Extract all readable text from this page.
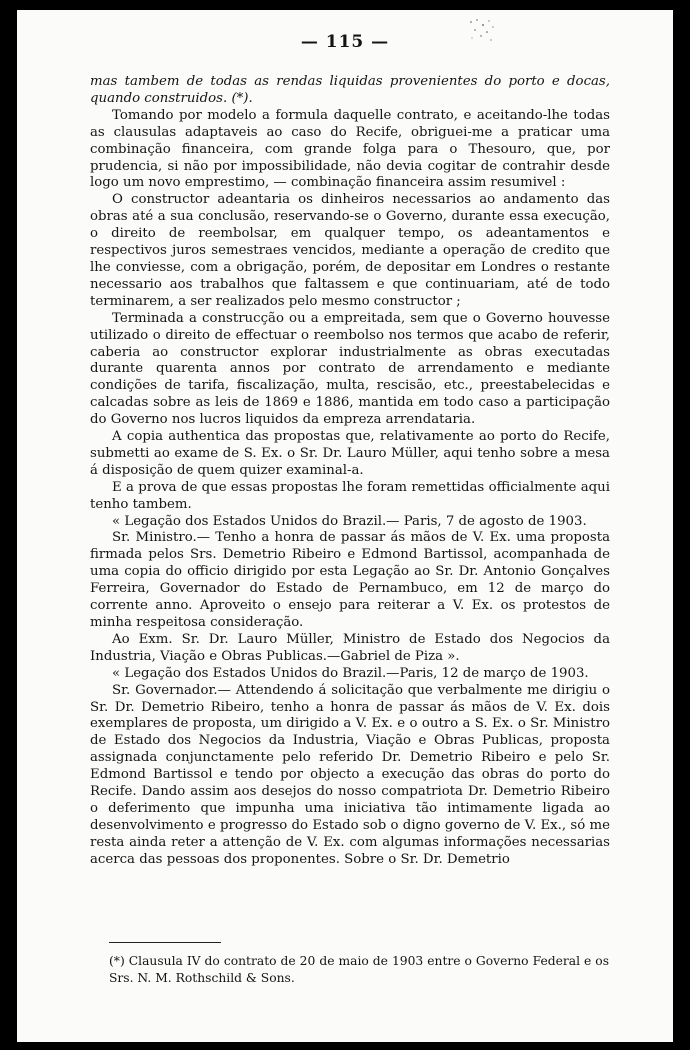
— 115 —

mas tambem de todas as rendas liquidas provenientes do porto e docas, quando construidos. (*).

Tomando por modelo a formula daquelle contrato, e aceitando-lhe todas as clausulas adaptaveis ao caso do Recife, obriguei-me a praticar uma combinação financeira, com grande folga para o Thesouro, que, por prudencia, si não por impossibilidade, não devia cogitar de contrahir desde logo um novo emprestimo, — combinação financeira assim resumivel :

O constructor adeantaria os dinheiros necessarios ao andamento das obras até a sua conclusão, reservando-se o Governo, durante essa execução, o direito de reembolsar, em qualquer tempo, os adeantamentos e respectivos juros semestraes vencidos, mediante a operação de credito que lhe conviesse, com a obrigação, porém, de depositar em Londres o restante necessario aos trabalhos que faltassem e que continuariam, até de todo terminarem, a ser realizados pelo mesmo constructor ;

Terminada a construcção ou a empreitada, sem que o Governo houvesse utilizado o direito de effectuar o reembolso nos termos que acabo de referir, caberia ao constructor explorar industrialmente as obras executadas durante quarenta annos por contrato de arrendamento e mediante condições de tarifa, fiscalização, multa, rescisão, etc., preestabelecidas e calcadas sobre as leis de 1869 e 1886, mantida em todo caso a participação do Governo nos lucros liquidos da empreza arrendataria.

A copia authentica das propostas que, relativamente ao porto do Recife, submetti ao exame de S. Ex. o Sr. Dr. Lauro Müller, aqui tenho sobre a mesa á disposição de quem quizer examinal-a.

E a prova de que essas propostas lhe foram remettidas officialmente aqui tenho tambem.

« Legação dos Estados Unidos do Brazil.— Paris, 7 de agosto de 1903.

Sr. Ministro.— Tenho a honra de passar ás mãos de V. Ex. uma proposta firmada pelos Srs. Demetrio Ribeiro e Edmond Bartissol, acompanhada de uma copia do officio dirigido por esta Legação ao Sr. Dr. Antonio Gonçalves Ferreira, Governador do Estado de Pernambuco, em 12 de março do corrente anno. Aproveito o ensejo para reiterar a V. Ex. os protestos de minha respeitosa consideração.

Ao Exm. Sr. Dr. Lauro Müller, Ministro de Estado dos Negocios da Industria, Viação e Obras Publicas.—Gabriel de Piza ».

« Legação dos Estados Unidos do Brazil.—Paris, 12 de março de 1903.

Sr. Governador.— Attendendo á solicitação que verbalmente me dirigiu o Sr. Dr. Demetrio Ribeiro, tenho a honra de passar ás mãos de V. Ex. dois exemplares de proposta, um dirigido a V. Ex. e o outro a S. Ex. o Sr. Ministro de Estado dos Negocios da Industria, Viação e Obras Publicas, proposta assignada conjunctamente pelo referido Dr. Demetrio Ribeiro e pelo Sr. Edmond Bartissol e tendo por objecto a execução das obras do porto do Recife. Dando assim aos desejos do nosso compatriota Dr. Demetrio Ribeiro o deferimento que impunha uma iniciativa tão intimamente ligada ao desenvolvimento e progresso do Estado sob o digno governo de V. Ex., só me resta ainda reter a attenção de V. Ex. com algumas informações necessarias acerca das pessoas dos proponentes. Sobre o Sr. Dr. Demetrio

(*) Clausula IV do contrato de 20 de maio de 1903 entre o Governo Federal e os Srs. N. M. Rothschild & Sons.
